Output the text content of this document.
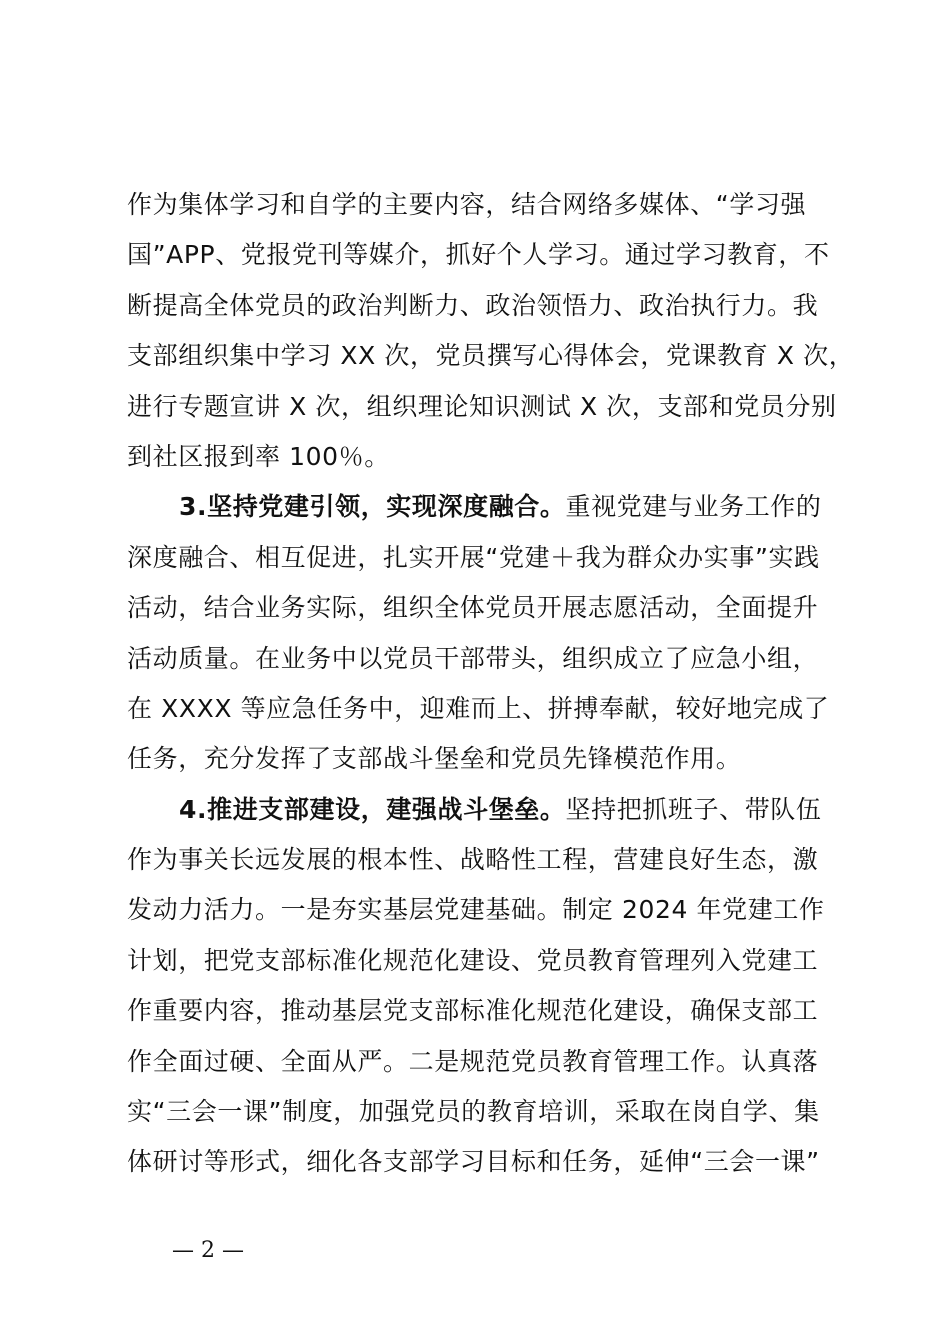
作为集体学习和自学的主要内容，结合网络多媒体、“学习强
国”APP、党报党刊等媒介，抓好个人学习。通过学习教育，不
断提高全体党员的政治判断力、政治领悟力、政治执行力。我
支部组织集中学习 XX 次，党员撰写心得体会，党课教育 X 次，
进行专题宣讲 X 次，组织理论知识测试 X 次，支部和党员分别
到社区报到率 100％。
3.坚持党建引领，实现深度融合。重视党建与业务工作的
深度融合、相互促进，扎实开展“党建＋我为群众办实事”实践
活动，结合业务实际，组织全体党员开展志愿活动，全面提升
活动质量。在业务中以党员干部带头，组织成立了应急小组，
在 XXXX 等应急任务中，迎难而上、拼搏奉献，较好地完成了
任务，充分发挥了支部战斗堡垒和党员先锋模范作用。
4.推进支部建设，建强战斗堡垒。坚持把抓班子、带队伍
作为事关长远发展的根本性、战略性工程，营建良好生态，激
发动力活力。一是夯实基层党建基础。制定 2024 年党建工作
计划，把党支部标准化规范化建设、党员教育管理列入党建工
作重要内容，推动基层党支部标准化规范化建设，确保支部工
作全面过硬、全面从严。二是规范党员教育管理工作。认真落
实“三会一课”制度，加强党员的教育培训，采取在岗自学、集
体研讨等形式，细化各支部学习目标和任务，延伸“三会一课”
— 2 —
